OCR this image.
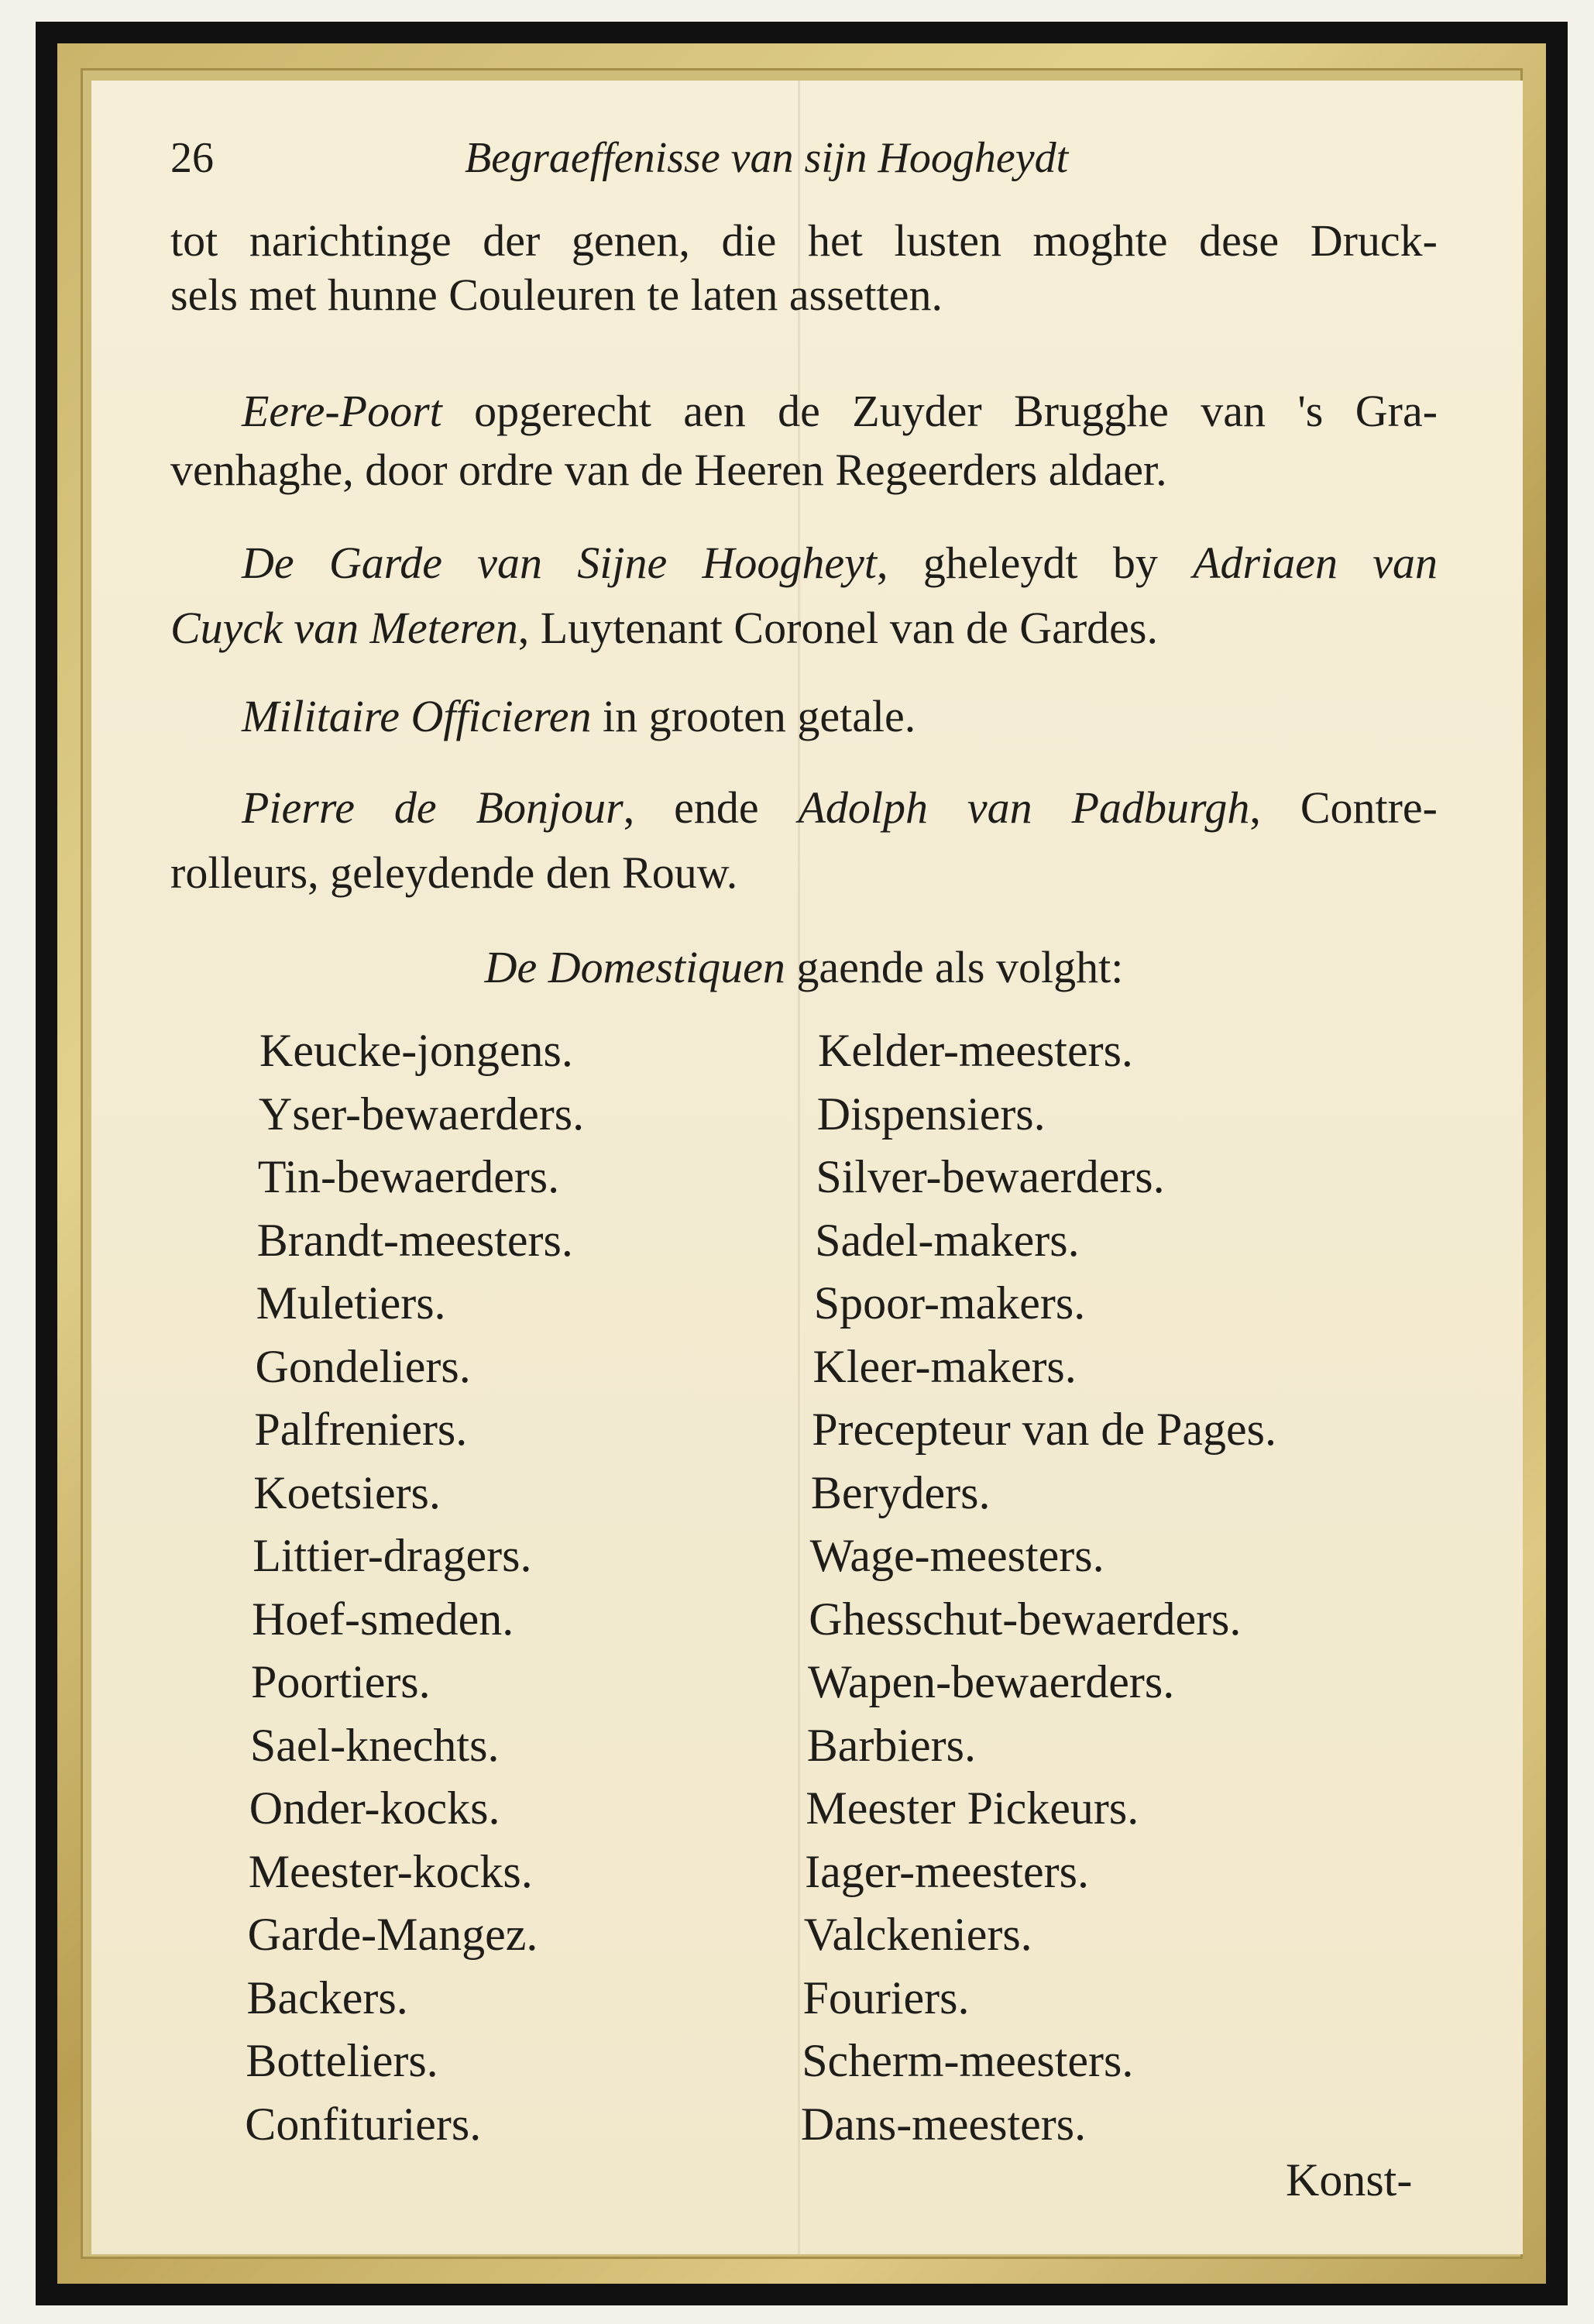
26	Begraeffenisse van sijn Hoogheydt
tot narichtinge der genen, die het lusten moghte dese Druck-
sels met hunne Couleuren te laten assetten.
Eere-Poort opgerecht aen de Zuyder Brugghe van 's Gra-
venhaghe, door ordre van de Heeren Regeerders aldaer.
De Garde van Sijne Hoogheyt, gheleydt by Adriaen van
Cuyck van Meteren, Luytenant Coronel van de Gardes.
Militaire Officieren in grooten getale.
Pierre de Bonjour, ende Adolph van Padburgh, Contre-
rolleurs, geleydende den Rouw.
De Domestiquen gaende als volght:
Keucke-jongens.
Yser-bewaerders.
Tin-bewaerders.
Brandt-meesters.
Muletiers.
Gondeliers.
Palfreniers.
Koetsiers.
Littier-dragers.
Hoef-smeden.
Poortiers.
Sael-knechts.
Onder-kocks.
Meester-kocks.
Garde-Mangez.
Backers.
Botteliers.
Confituriers.
Kelder-meesters.
Dispensiers.
Silver-bewaerders.
Sadel-makers.
Spoor-makers.
Kleer-makers.
Precepteur van de Pages.
Beryders.
Wage-meesters.
Ghesschut-bewaerders.
Wapen-bewaerders.
Barbiers.
Meester Pickeurs.
Iager-meesters.
Valckeniers.
Fouriers.
Scherm-meesters.
Dans-meesters.
Konst-
